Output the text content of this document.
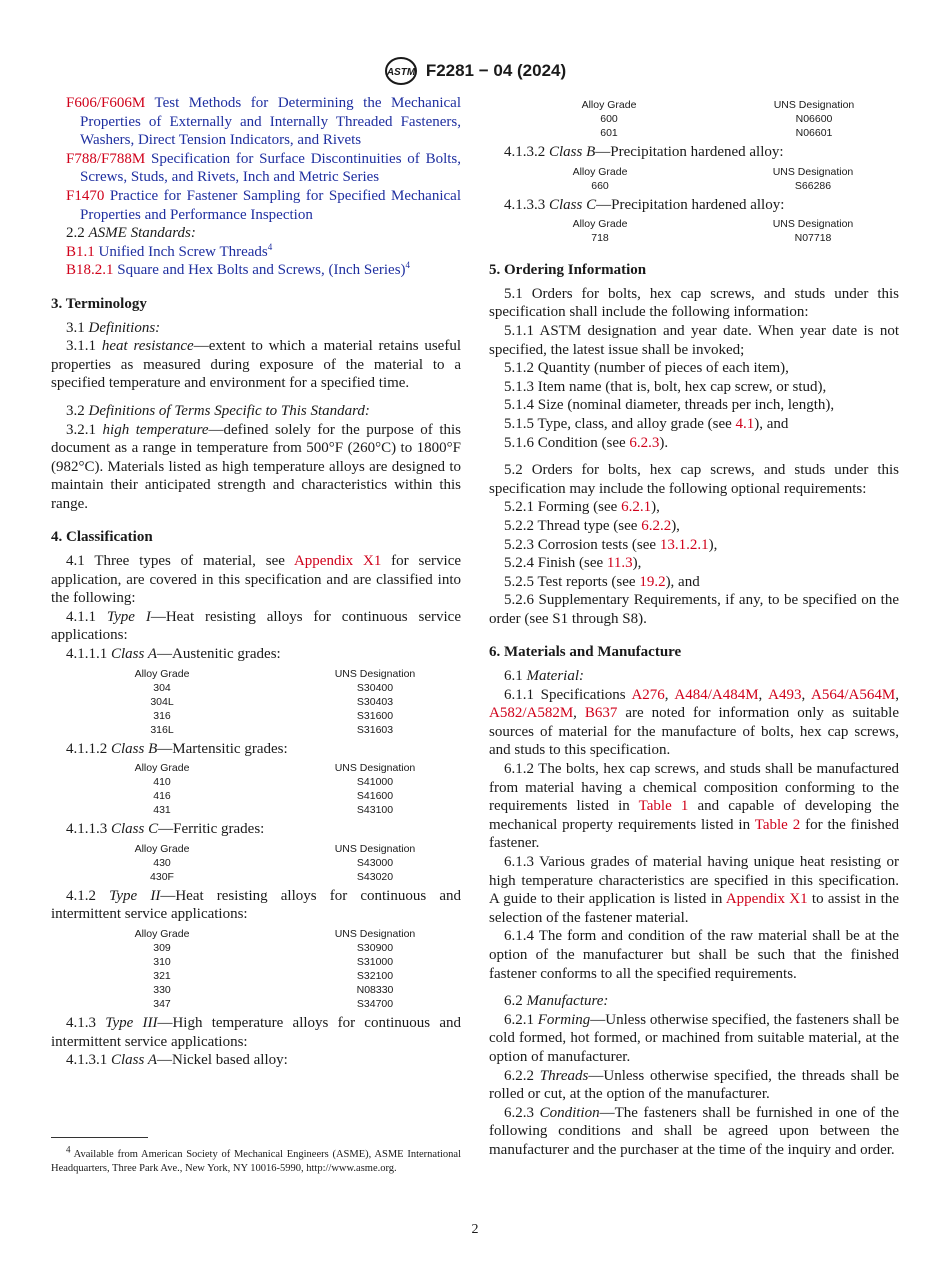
ASTM F2281 − 04 (2024)

F606/F606M Test Methods for Determining the Mechanical Properties of Externally and Internally Threaded Fasteners, Washers, Direct Tension Indicators, and Rivets

F788/F788M Specification for Surface Discontinuities of Bolts, Screws, Studs, and Rivets, Inch and Metric Series

F1470 Practice for Fastener Sampling for Specified Mechanical Properties and Performance Inspection

2.2 ASME Standards:

B1.1 Unified Inch Screw Threads$^4$

B18.2.1 Square and Hex Bolts and Screws, (Inch Series)$^4$

3. Terminology

3.1 Definitions:

3.1.1 heat resistance—extent to which a material retains useful properties as measured during exposure of the material to a specified temperature and environment for a specified time.

3.2 Definitions of Terms Specific to This Standard:

3.2.1 high temperature—defined solely for the purpose of this document as a range in temperature from 500°F (260°C) to 1800°F (982°C). Materials listed as high temperature alloys are designed to maintain their anticipated strength and characteristics within this range.

4. Classification

4.1 Three types of material, see Appendix X1 for service application, are covered in this specification and are classified into the following:

4.1.1 Type I—Heat resisting alloys for continuous service applications:

4.1.1.1 Class A—Austenitic grades:

Alloy Grade	UNS Designation
304	S30400
304L	S30403
316	S31600
316L	S31603

4.1.1.2 Class B—Martensitic grades:

Alloy Grade	UNS Designation
410	S41000
416	S41600
431	S43100

4.1.1.3 Class C—Ferritic grades:

Alloy Grade	UNS Designation
430	S43000
430F	S43020

4.1.2 Type II—Heat resisting alloys for continuous and intermittent service applications:

Alloy Grade	UNS Designation
309	S30900
310	S31000
321	S32100
330	N08330
347	S34700

4.1.3 Type III—High temperature alloys for continuous and intermittent service applications:

4.1.3.1 Class A—Nickel based alloy:

$^4$ Available from American Society of Mechanical Engineers (ASME), ASME International Headquarters, Three Park Ave., New York, NY 10016-5990, http://www.asme.org.

Alloy Grade	UNS Designation
600	N06600
601	N06601

4.1.3.2 Class B—Precipitation hardened alloy:

Alloy Grade	UNS Designation
660	S66286

4.1.3.3 Class C—Precipitation hardened alloy:

Alloy Grade	UNS Designation
718	N07718
5. Ordering Information

5.1 Orders for bolts, hex cap screws, and studs under this specification shall include the following information:

5.1.1 ASTM designation and year date. When year date is not specified, the latest issue shall be invoked;

5.1.2 Quantity (number of pieces of each item),

5.1.3 Item name (that is, bolt, hex cap screw, or stud),

5.1.4 Size (nominal diameter, threads per inch, length),

5.1.5 Type, class, and alloy grade (see 4.1), and

5.1.6 Condition (see 6.2.3).

5.2 Orders for bolts, hex cap screws, and studs under this specification may include the following optional requirements:

5.2.1 Forming (see 6.2.1),

5.2.2 Thread type (see 6.2.2),

5.2.3 Corrosion tests (see 13.1.2.1),

5.2.4 Finish (see 11.3),

5.2.5 Test reports (see 19.2), and

5.2.6 Supplementary Requirements, if any, to be specified on the order (see S1 through S8).

6. Materials and Manufacture

6.1 Material:

6.1.1 Specifications A276, A484/A484M, A493, A564/A564M, A582/A582M, B637 are noted for information only as suitable sources of material for the manufacture of bolts, hex cap screws, and studs to this specification.

6.1.2 The bolts, hex cap screws, and studs shall be manufactured from material having a chemical composition conforming to the requirements listed in Table 1 and capable of developing the mechanical property requirements listed in Table 2 for the finished fastener.

6.1.3 Various grades of material having unique heat resisting or high temperature characteristics are specified in this specification. A guide to their application is listed in Appendix X1 to assist in the selection of the fastener material.

6.1.4 The form and condition of the raw material shall be at the option of the manufacturer but shall be such that the finished fastener conforms to all the specified requirements.

6.2 Manufacture:

6.2.1 Forming—Unless otherwise specified, the fasteners shall be cold formed, hot formed, or machined from suitable material, at the option of manufacturer.

6.2.2 Threads—Unless otherwise specified, the threads shall be rolled or cut, at the option of the manufacturer.

6.2.3 Condition—The fasteners shall be furnished in one of the following conditions and shall be agreed upon between the manufacturer and the purchaser at the time of the inquiry and order.

2
